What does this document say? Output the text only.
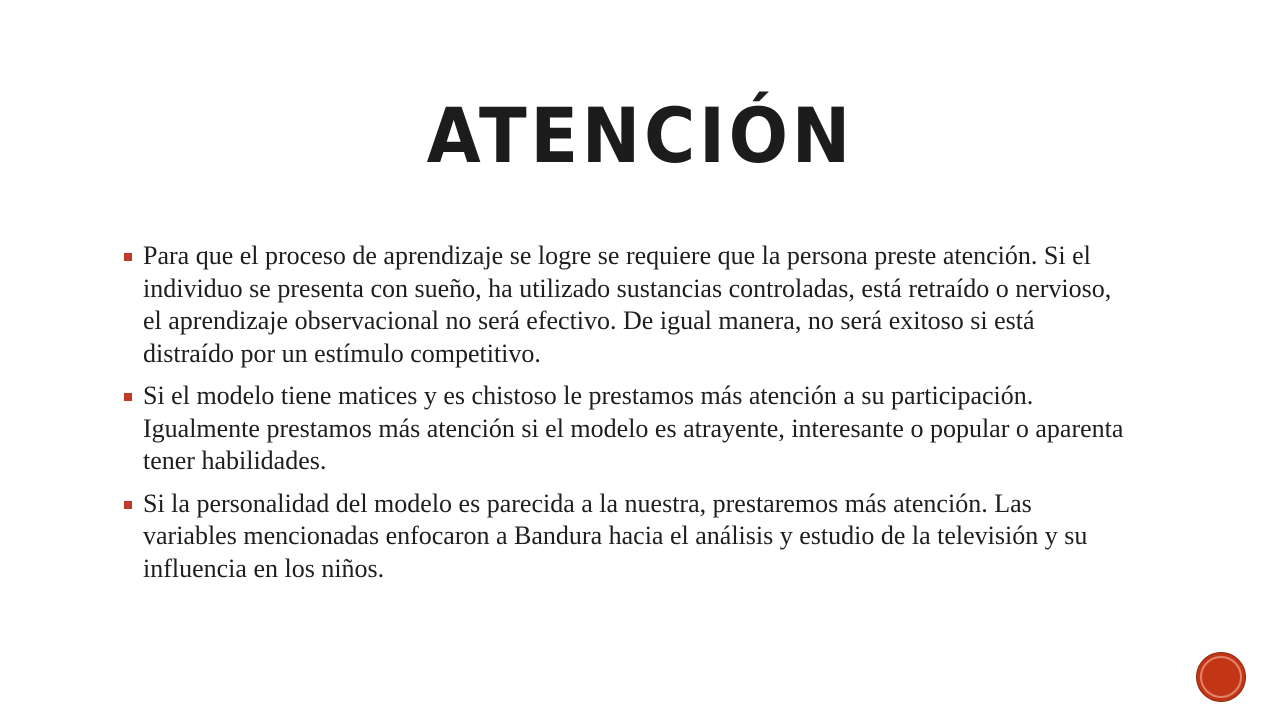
ATENCIÓN
Para que el proceso de aprendizaje se logre se requiere que la persona preste atención. Si el individuo se presenta con sueño, ha utilizado sustancias controladas, está retraído o nervioso, el aprendizaje observacional no será efectivo. De igual manera, no será exitoso si está distraído por un estímulo competitivo.
Si el modelo tiene matices y es chistoso le prestamos más atención a su participación. Igualmente prestamos más atención si el modelo es atrayente, interesante o popular o aparenta tener habilidades.
Si la personalidad del modelo es parecida a la nuestra, prestaremos más atención. Las variables mencionadas enfocaron a Bandura hacia el análisis y estudio de la televisión y su influencia en los niños.
